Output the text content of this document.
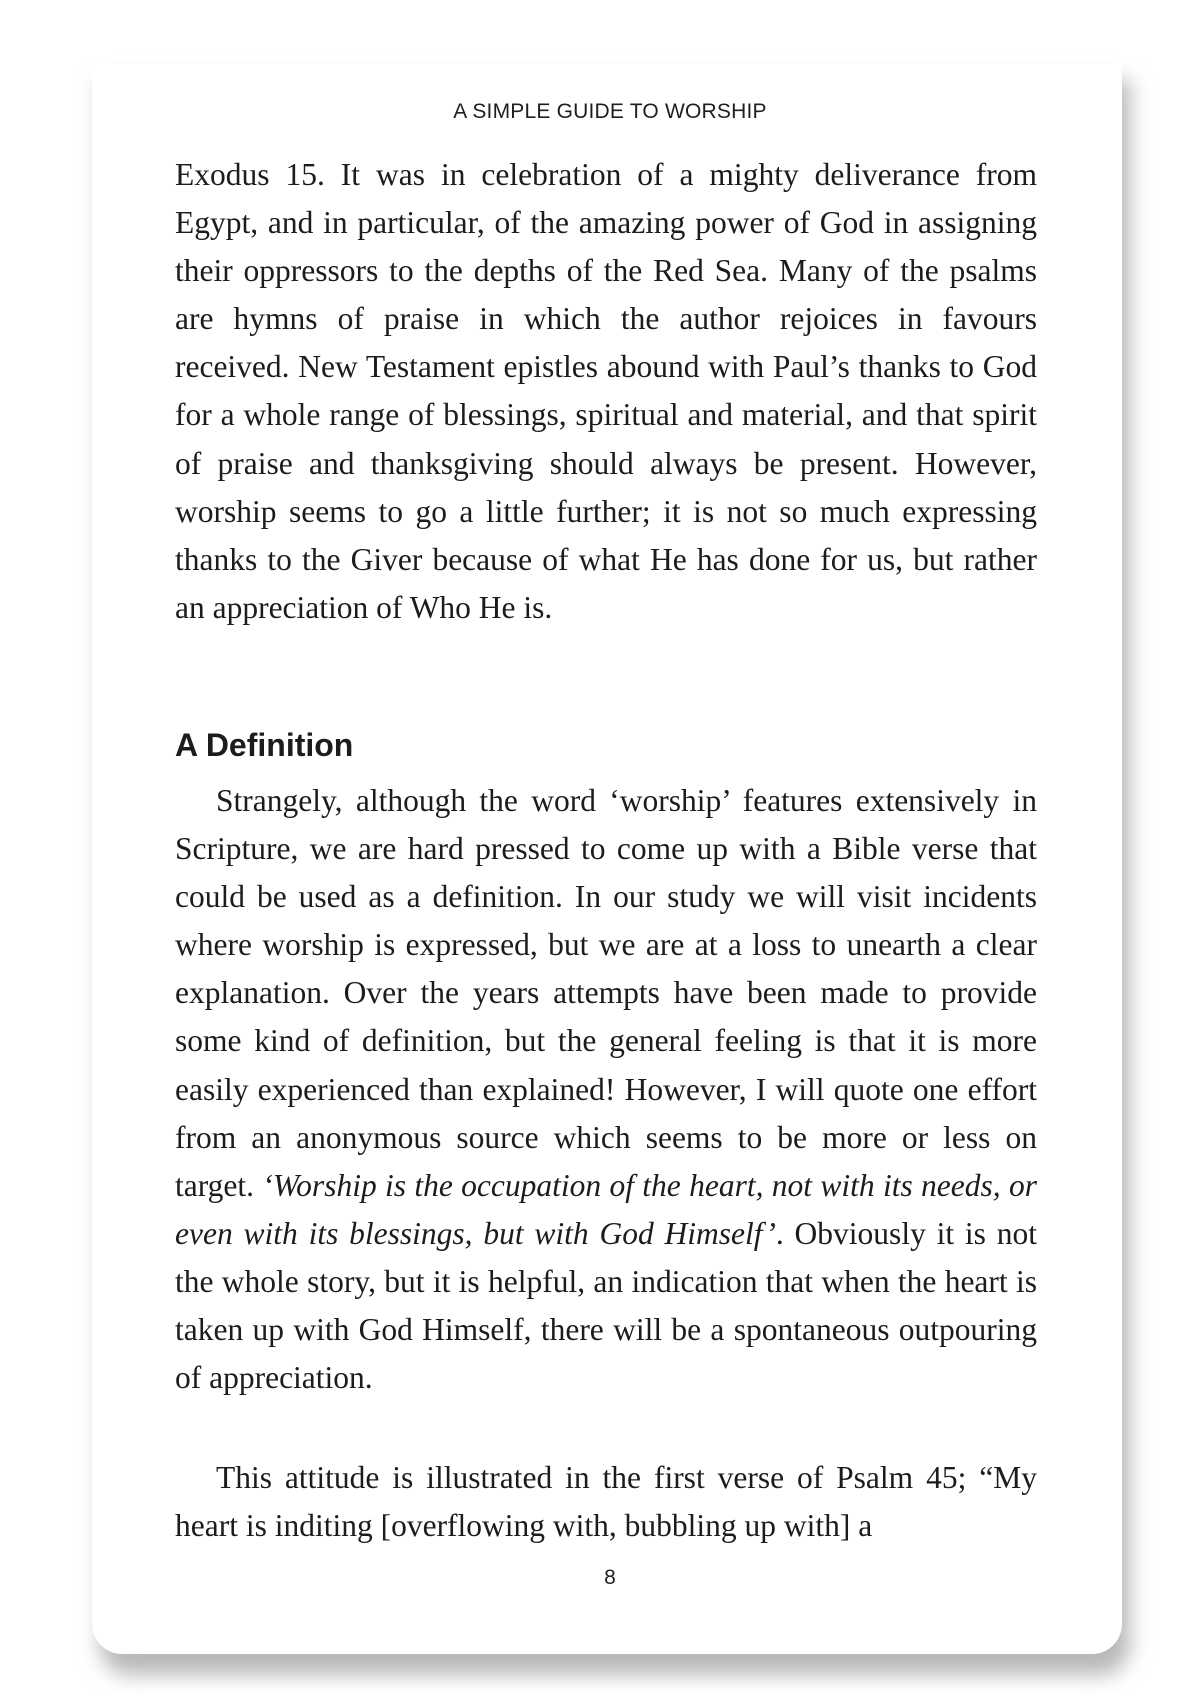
A SIMPLE GUIDE TO WORSHIP

Exodus 15. It was in celebration of a mighty deliverance from Egypt, and in particular, of the amazing power of God in assigning their oppressors to the depths of the Red Sea. Many of the psalms are hymns of praise in which the author rejoices in favours received. New Testament epistles abound with Paul’s thanks to God for a whole range of blessings, spiritual and material, and that spirit of praise and thanksgiving should always be present. However, worship seems to go a little further; it is not so much expressing thanks to the Giver because of what He has done for us, but rather an appreciation of Who He is.

A Definition

Strangely, although the word ‘worship’ features extensively in Scripture, we are hard pressed to come up with a Bible verse that could be used as a definition. In our study we will visit incidents where worship is expressed, but we are at a loss to unearth a clear explanation. Over the years attempts have been made to provide some kind of definition, but the general feeling is that it is more easily experienced than explained! However, I will quote one effort from an anonymous source which seems to be more or less on target. ‘Worship is the occupation of the heart, not with its needs, or even with its blessings, but with God Himself’. Obviously it is not the whole story, but it is helpful, an indication that when the heart is taken up with God Himself, there will be a spontaneous outpouring of appreciation.

This attitude is illustrated in the first verse of Psalm 45; “My heart is inditing [overflowing with, bubbling up with] a

8
